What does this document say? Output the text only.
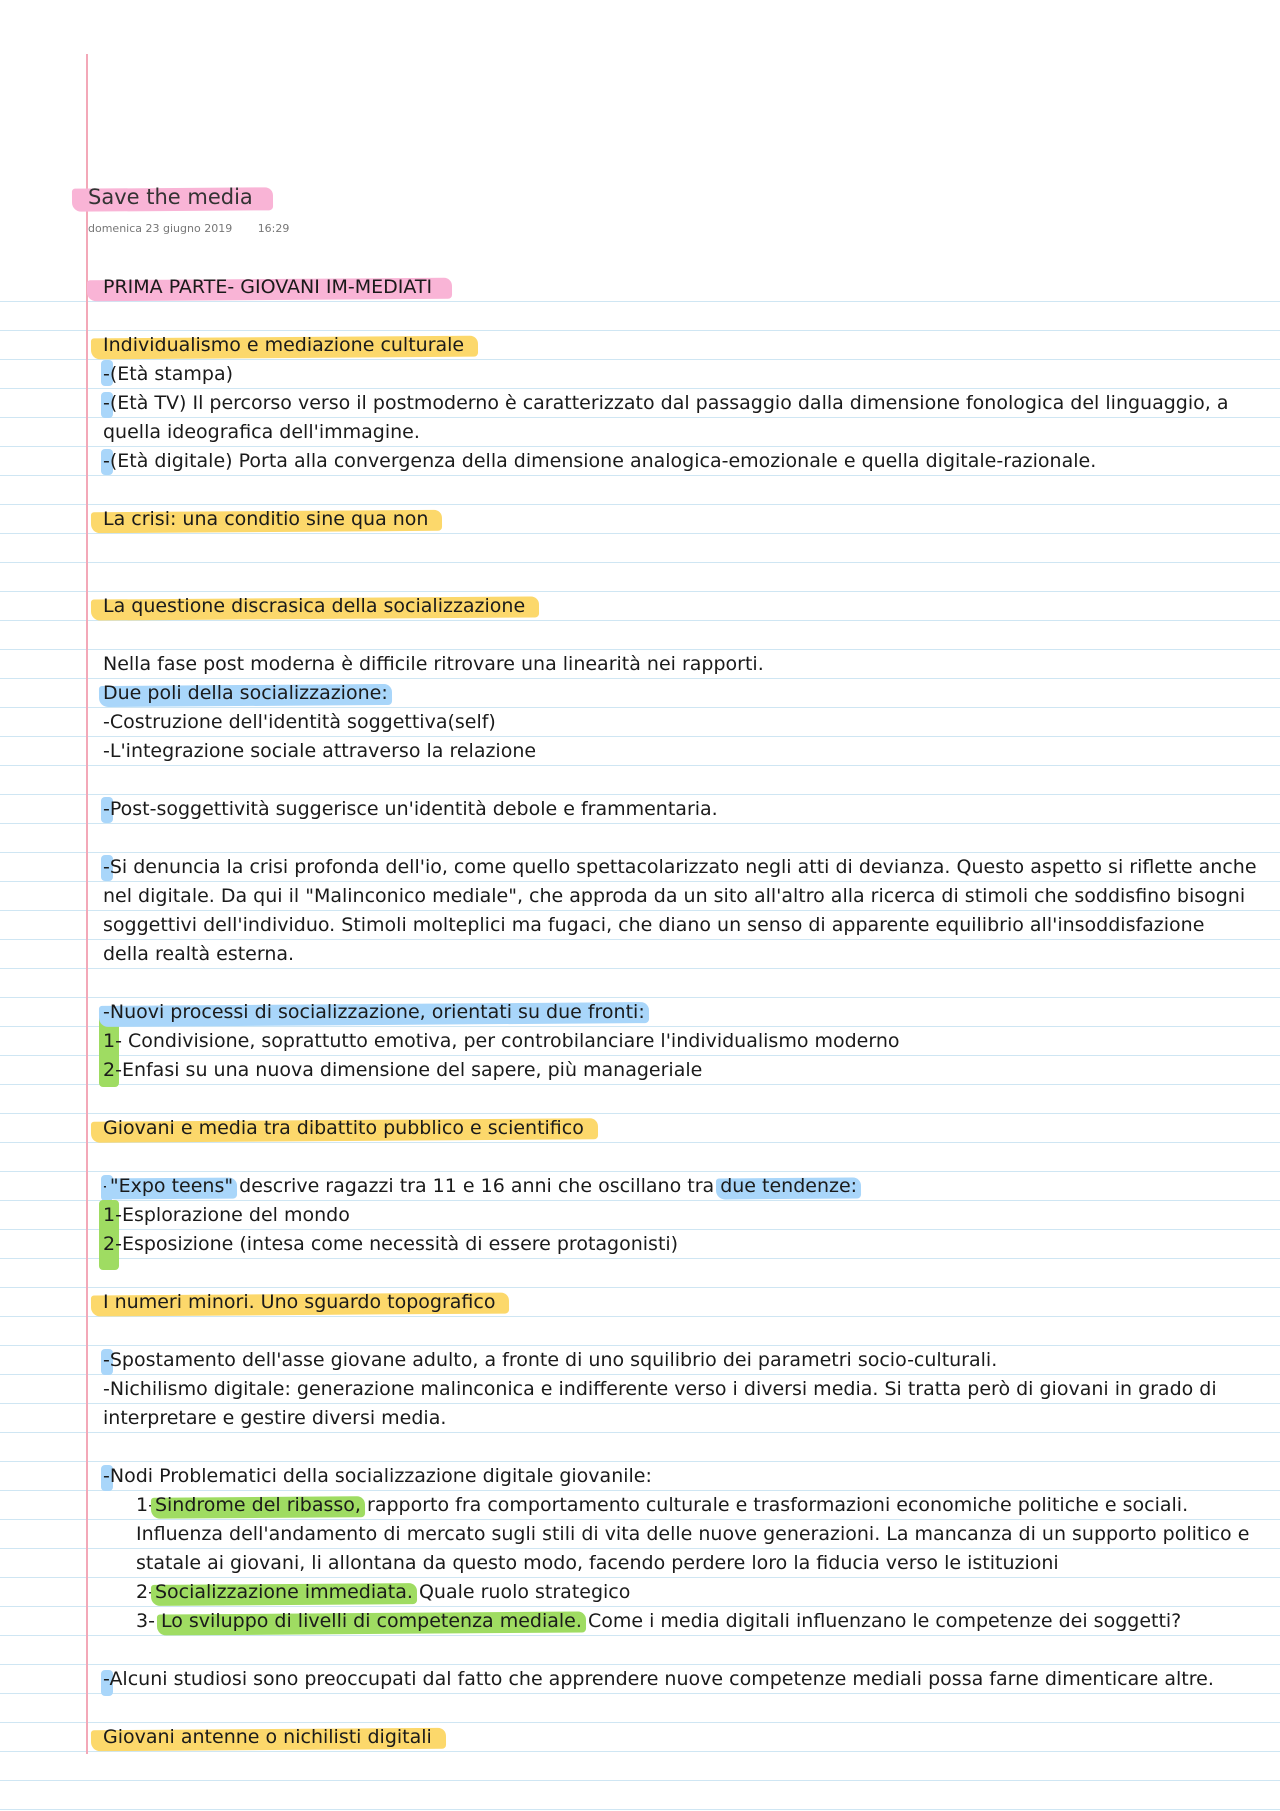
Save the media
domenica 23 giugno 2019 16:29
PRIMA PARTE- GIOVANI IM-MEDIATI
Individualismo e mediazione culturale
-(Età stampa)
-(Età TV) Il percorso verso il postmoderno è caratterizzato dal passaggio dalla dimensione fonologica del linguaggio, a
quella ideografica dell'immagine.
-(Età digitale) Porta alla convergenza della dimensione analogica-emozionale e quella digitale-razionale.
La crisi: una conditio sine qua non
La questione discrasica della socializzazione
Nella fase post moderna è difficile ritrovare una linearità nei rapporti.
Due poli della socializzazione:
-Costruzione dell'identità soggettiva(self)
-L'integrazione sociale attraverso la relazione
-Post-soggettività suggerisce un'identità debole e frammentaria.
-Si denuncia la crisi profonda dell'io, come quello spettacolarizzato negli atti di devianza. Questo aspetto si riflette anche
nel digitale. Da qui il "Malinconico mediale", che approda da un sito all'altro alla ricerca di stimoli che soddisfino bisogni
soggettivi dell'individuo. Stimoli molteplici ma fugaci, che diano un senso di apparente equilibrio all'insoddisfazione
della realtà esterna.
-Nuovi processi di socializzazione, orientati su due fronti:
1- Condivisione, soprattutto emotiva, per controbilanciare l'individualismo moderno
2-Enfasi su una nuova dimensione del sapere, più manageriale
Giovani e media tra dibattito pubblico e scientifico
-"Expo teens" descrive ragazzi tra 11 e 16 anni che oscillano tra due tendenze:
1-Esplorazione del mondo
2-Esposizione (intesa come necessità di essere protagonisti)
I numeri minori. Uno sguardo topografico
-Spostamento dell'asse giovane adulto, a fronte di uno squilibrio dei parametri socio-culturali.
-Nichilismo digitale: generazione malinconica e indifferente verso i diversi media. Si tratta però di giovani in grado di
interpretare e gestire diversi media.
-Nodi Problematici della socializzazione digitale giovanile:
1-Sindrome del ribasso, rapporto fra comportamento culturale e trasformazioni economiche politiche e sociali.
Influenza dell'andamento di mercato sugli stili di vita delle nuove generazioni. La mancanza di un supporto politico e
statale ai giovani, li allontana da questo modo, facendo perdere loro la fiducia verso le istituzioni
2-Socializzazione immediata. Quale ruolo strategico
3- Lo sviluppo di livelli di competenza mediale. Come i media digitali influenzano le competenze dei soggetti?
-Alcuni studiosi sono preoccupati dal fatto che apprendere nuove competenze mediali possa farne dimenticare altre.
Giovani antenne o nichilisti digitali
